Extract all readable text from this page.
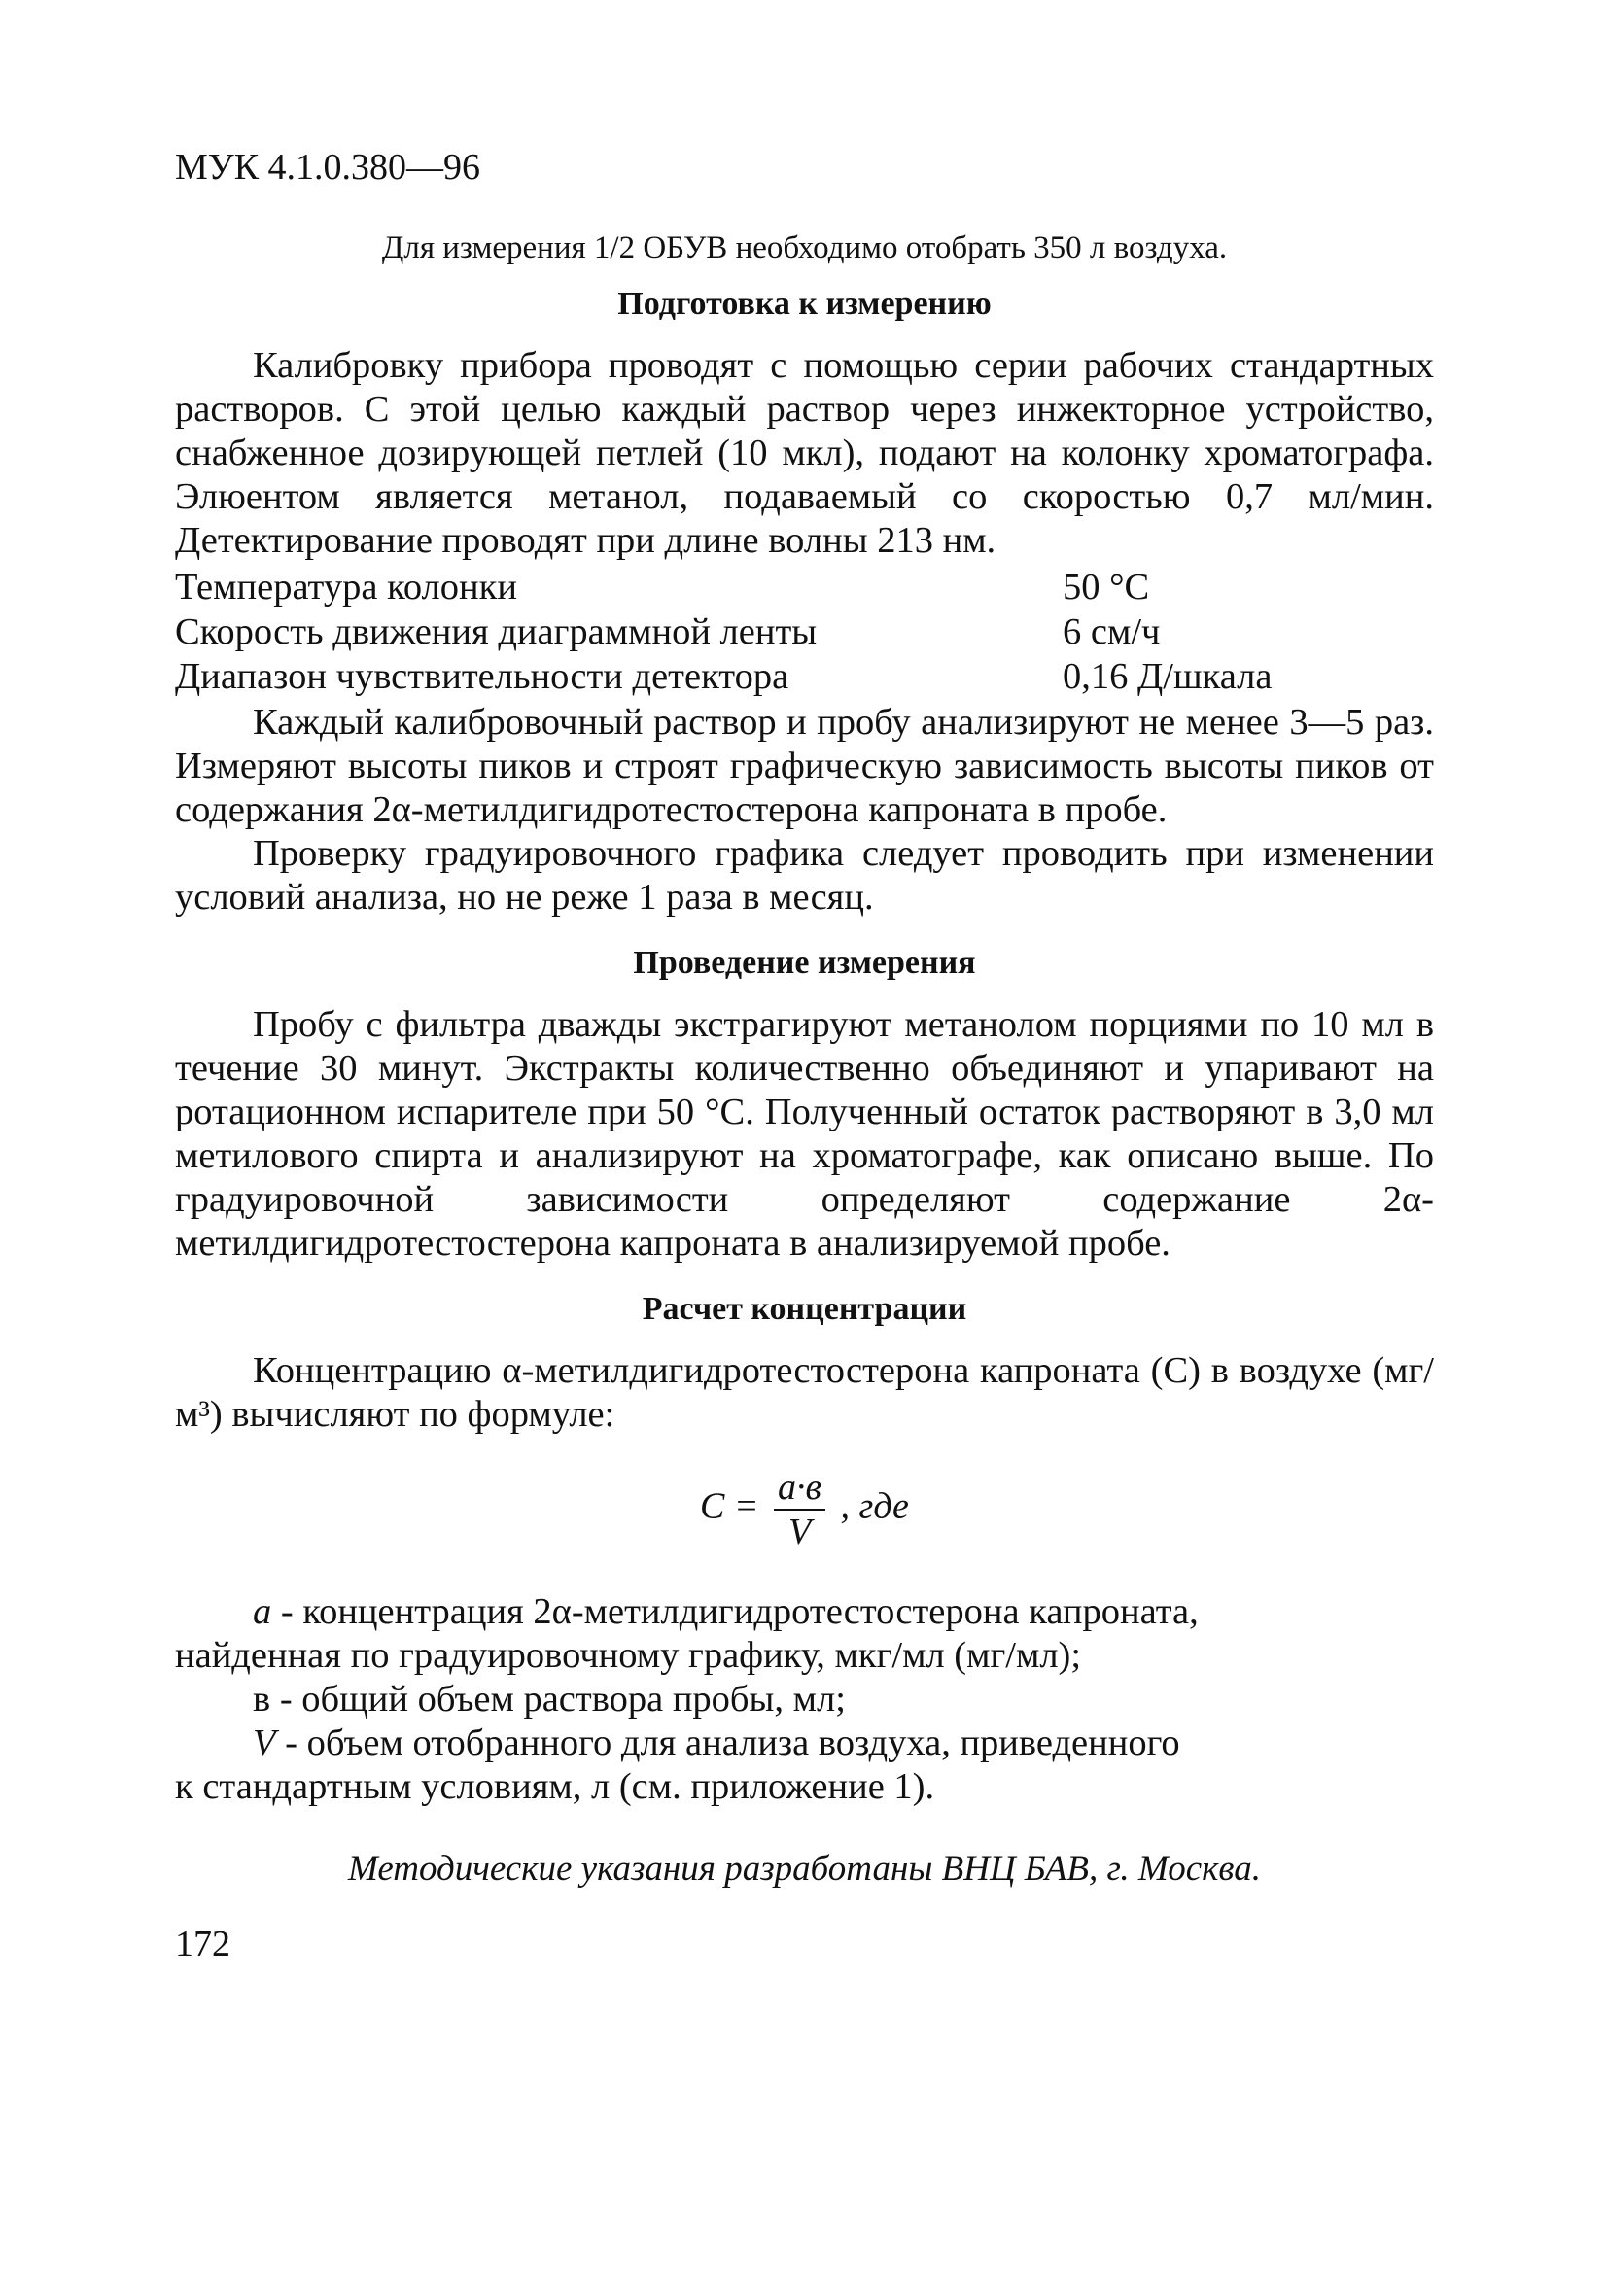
МУК 4.1.0.380—96

Для измерения 1/2 ОБУВ необходимо отобрать 350 л воздуха.

Подготовка к измерению

Калибровку прибора проводят с помощью серии рабочих стандартных растворов. С этой целью каждый раствор через инжекторное устройство, снабженное дозирующей петлей (10 мкл), подают на колонку хроматографа. Элюентом является метанол, подаваемый со скоростью 0,7 мл/мин. Детектирование проводят при длине волны 213 нм.

Температура колонки	50 °С
Скорость движения диаграммной ленты	6 см/ч
Диапазон чувствительности детектора	0,16 Д/шкала

Каждый калибровочный раствор и пробу анализируют не менее 3—5 раз. Измеряют высоты пиков и строят графическую зависимость высоты пиков от содержания 2α-метилдигидротестостерона капроната в пробе.

Проверку градуировочного графика следует проводить при изменении условий анализа, но не реже 1 раза в месяц.

Проведение измерения

Пробу с фильтра дважды экстрагируют метанолом порциями по 10 мл в течение 30 минут. Экстракты количественно объединяют и упаривают на ротационном испарителе при 50 °С. Полученный остаток растворяют в 3,0 мл метилового спирта и анализируют на хроматографе, как описано выше. По градуировочной зависимости определяют содержание 2α-метилдигидротестостерона капроната в анализируемой пробе.

Расчет концентрации

Концентрацию α-метилдигидротестостерона капроната (С) в воздухе (мг/м³) вычисляют по формуле:

$C = \frac{а\cdot в}{V}$ , где

а - концентрация 2α-метилдигидротестостерона капроната,

найденная по градуировочному графику, мкг/мл (мг/мл);

в - общий объем раствора пробы, мл;

V - объем отобранного для анализа воздуха, приведенного

к стандартным условиям, л (см. приложение 1).

Методические указания разработаны ВНЦ БАВ, г. Москва.

172
